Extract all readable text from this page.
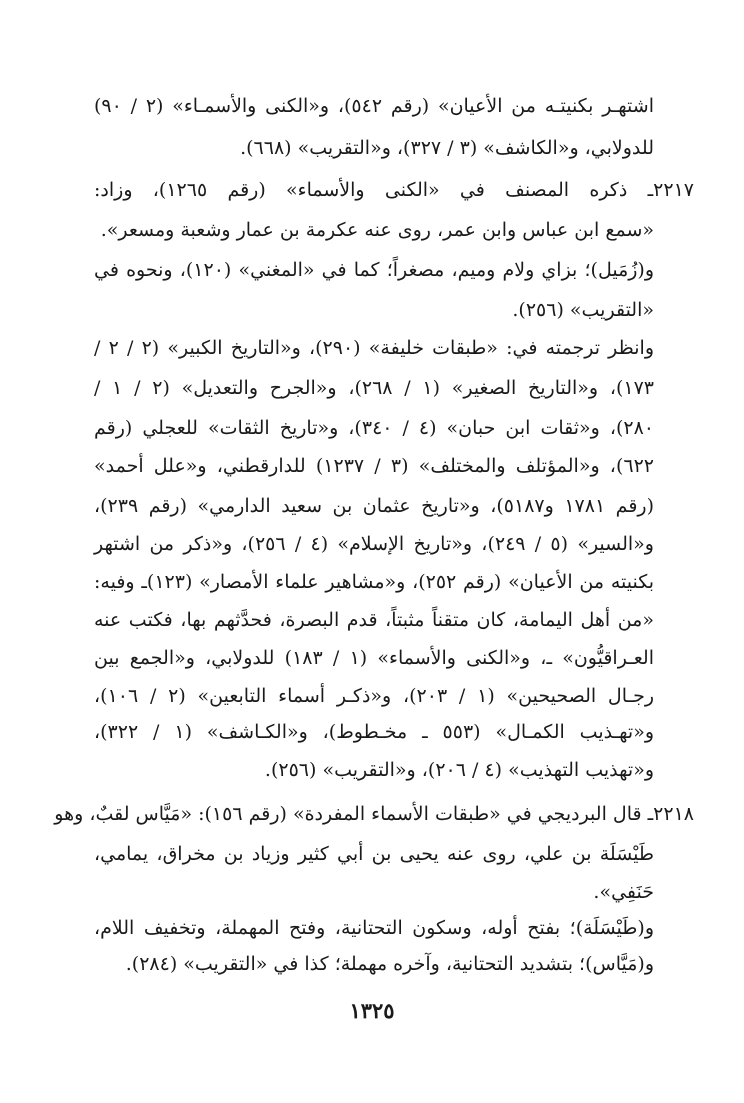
اشتهـر بكنيتـه من الأعيان» (رقم ٥٤٢)، و«الكنى والأسمـاء» (٢ / ٩٠)
للدولابي، و«الكاشف» (٣ / ٣٢٧)، و«التقريب» (٦٦٨).
٢٢١٧ـ ذكره المصنف في «الكنى والأسماء» (رقم ١٢٦٥)، وزاد:
«سمع ابن عباس وابن عمر، روى عنه عكرمة بن عمار وشعبة ومسعر».
و(زُمَيل)؛ بزاي ولام وميم، مصغراً؛ كما في «المغني» (١٢٠)، ونحوه في
«التقريب» (٢٥٦).
وانظر ترجمته في: «طبقات خليفة» (٢٩٠)، و«التاريخ الكبير» (٢ / ٢ /
١٧٣)، و«التاريخ الصغير» (١ / ٢٦٨)، و«الجرح والتعديل» (٢ / ١ /
٢٨٠)، و«ثقات ابن حبان» (٤ / ٣٤٠)، و«تاريخ الثقات» للعجلي (رقم
٦٢٢)، و«المؤتلف والمختلف» (٣ / ١٢٣٧) للدارقطني، و«علل أحمد»
(رقم ١٧٨١ و٥١٨٧)، و«تاريخ عثمان بن سعيد الدارمي» (رقم ٢٣٩)،
و«السير» (٥ / ٢٤٩)، و«تاريخ الإسلام» (٤ / ٢٥٦)، و«ذكر من اشتهر
بكنيته من الأعيان» (رقم ٢٥٢)، و«مشاهير علماء الأمصار» (١٢٣)ـ وفيه:
«من أهل اليمامة، كان متقناً مثبتاً، قدم البصرة، فحدَّثهم بها، فكتب عنه
العـراقيُّون» ـ، و«الكنى والأسماء» (١ / ١٨٣) للدولابي، و«الجمع بين
رجـال الصحيحين» (١ / ٢٠٣)، و«ذكـر أسماء التابعين» (٢ / ١٠٦)،
و«تهـذيب الكمـال» (٥٥٣ ـ مخـطوط)، و«الكـاشف» (١ / ٣٢٢)،
و«تهذيب التهذيب» (٤ / ٢٠٦)، و«التقريب» (٢٥٦).
٢٢١٨ـ قال البرديجي في «طبقات الأسماء المفردة» (رقم ١٥٦): «مَيَّاس لقبٌ، وهو
طَيْسَلَة بن علي، روى عنه يحيى بن أبي كثير وزياد بن مخراق، يمامي،
حَنَفِي».
و(طَيْسَلَة)؛ بفتح أوله، وسكون التحتانية، وفتح المهملة، وتخفيف اللام،
و(مَيَّاس)؛ بتشديد التحتانية، وآخره مهملة؛ كذا في «التقريب» (٢٨٤).
١٣٢٥
